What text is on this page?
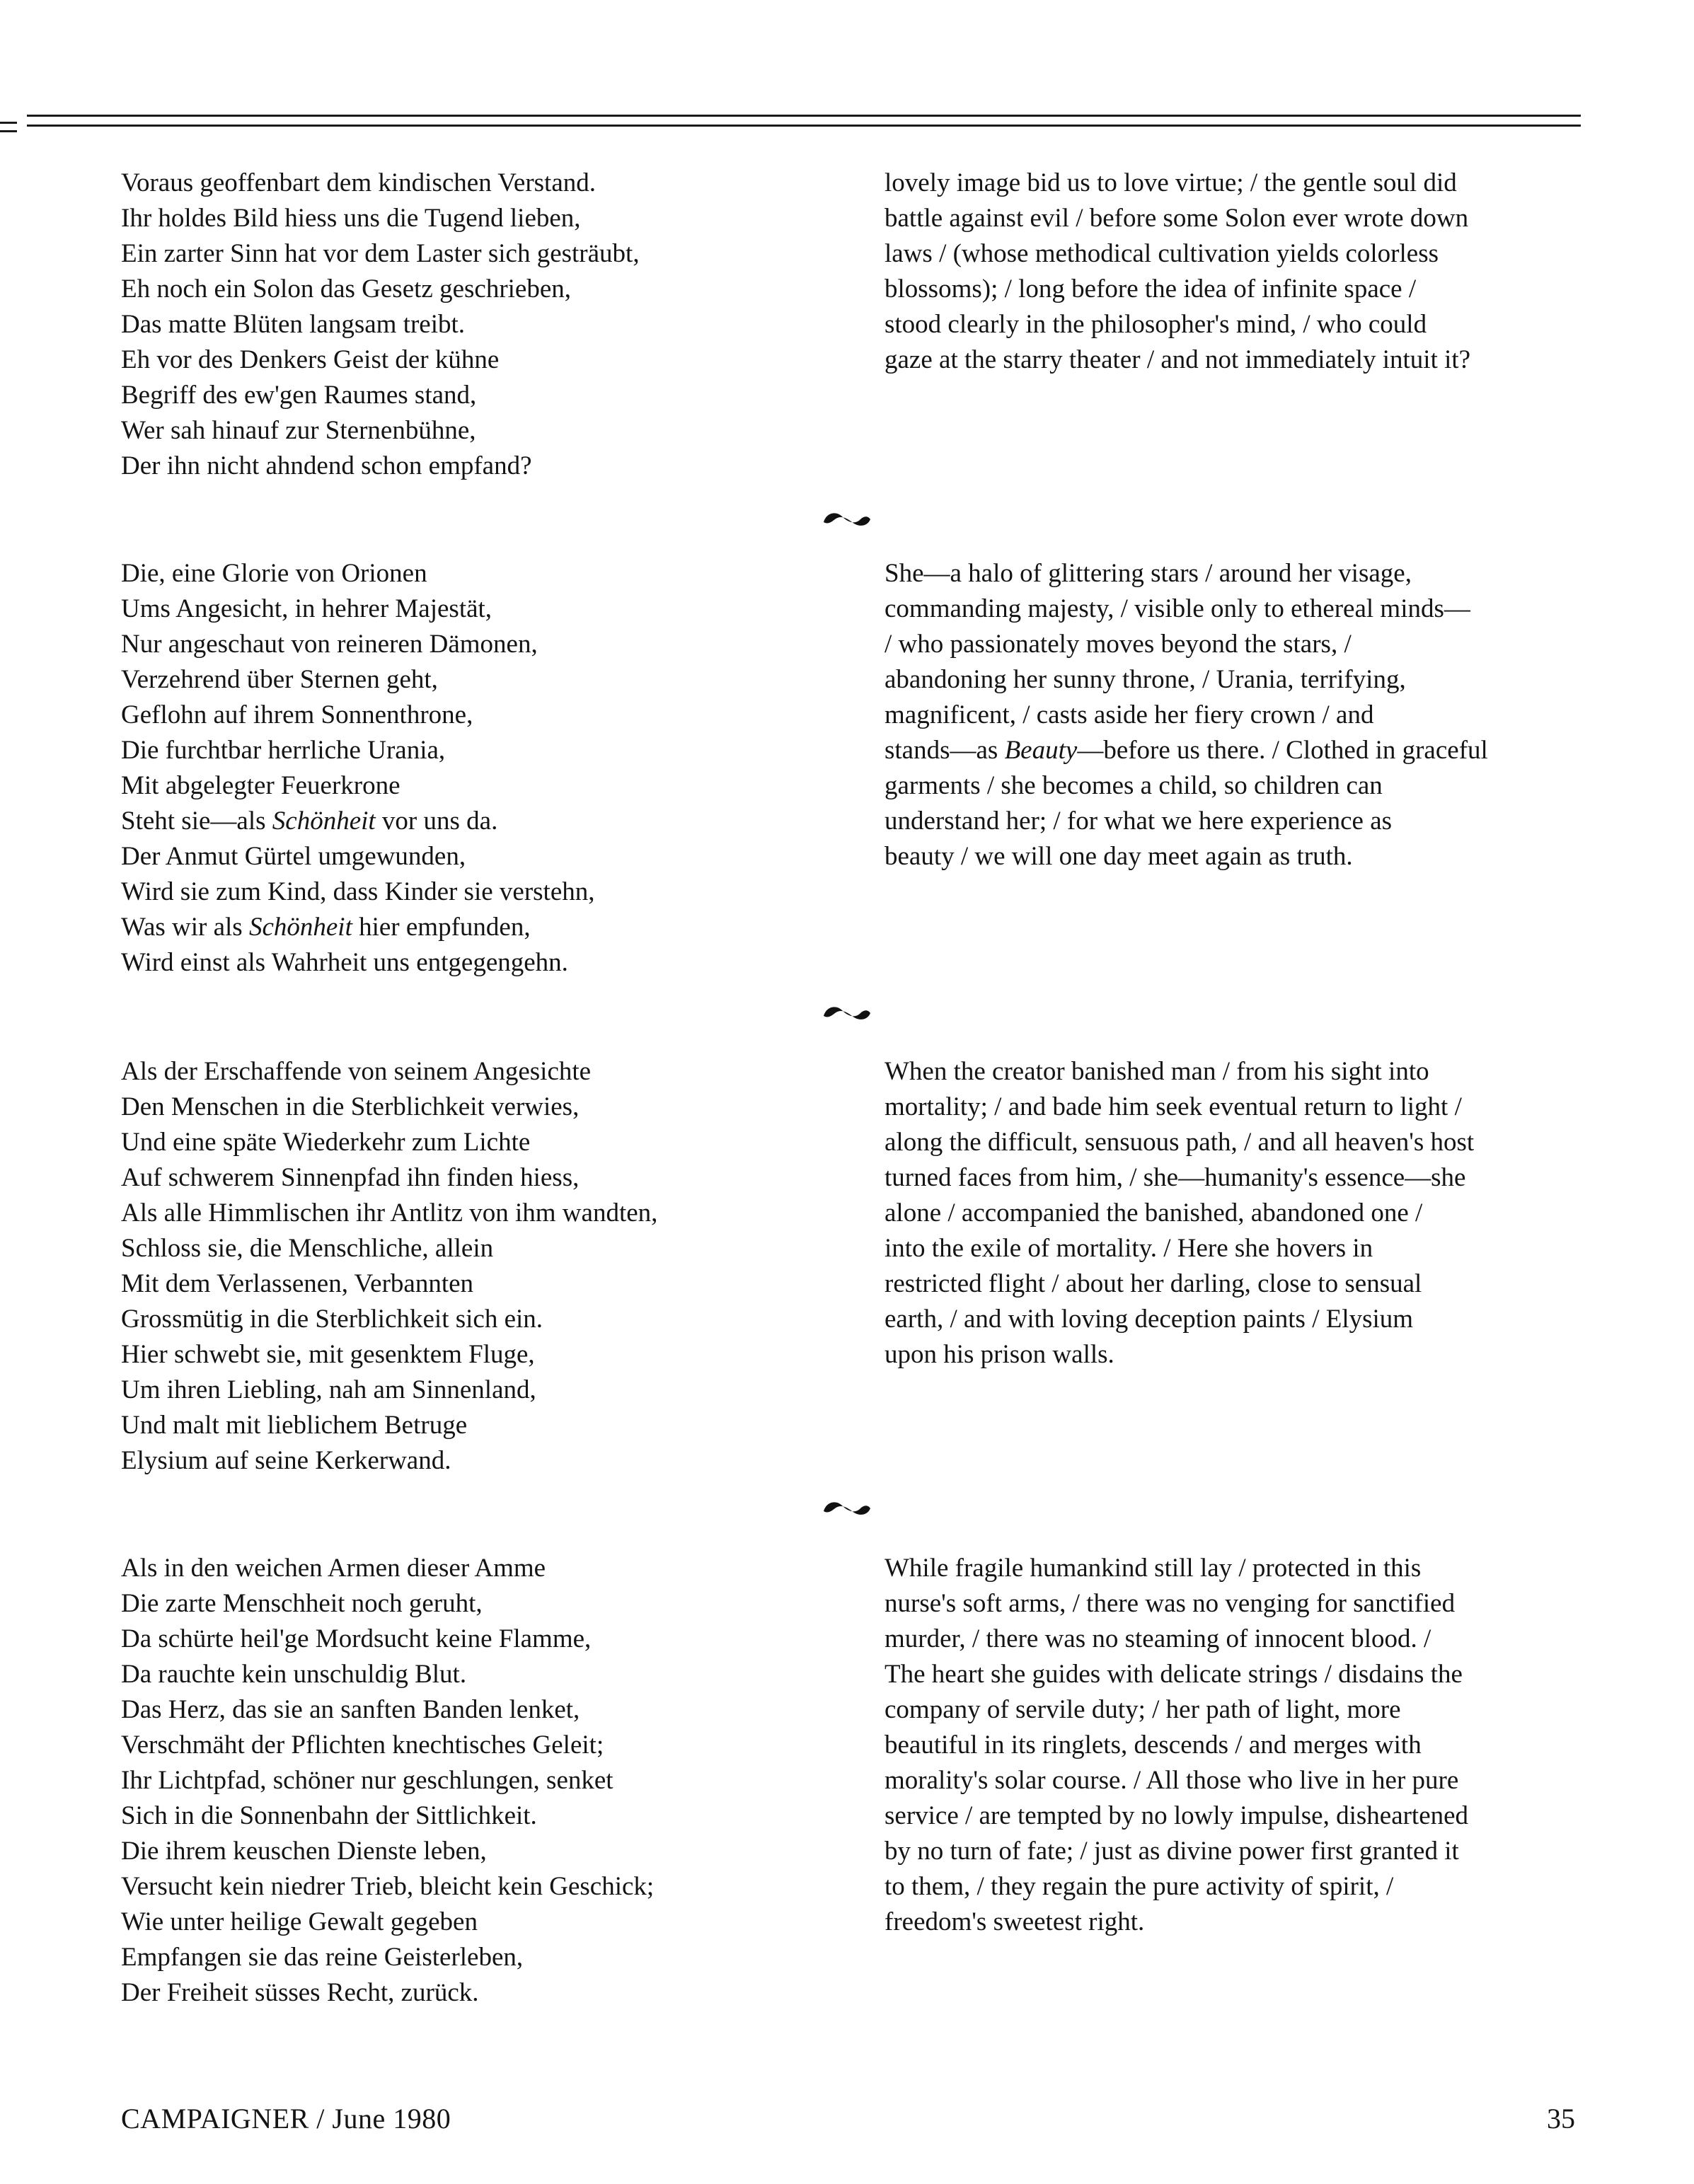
Voraus geoffenbart dem kindischen Verstand.
Ihr holdes Bild hiess uns die Tugend lieben,
Ein zarter Sinn hat vor dem Laster sich gesträubt,
Eh noch ein Solon das Gesetz geschrieben,
Das matte Blüten langsam treibt.
Eh vor des Denkers Geist der kühne
Begriff des ew'gen Raumes stand,
Wer sah hinauf zur Sternenbühne,
Der ihn nicht ahndend schon empfand?
lovely image bid us to love virtue; / the gentle soul did
battle against evil / before some Solon ever wrote down
laws / (whose methodical cultivation yields colorless
blossoms); / long before the idea of infinite space /
stood clearly in the philosopher's mind, / who could
gaze at the starry theater / and not immediately intuit it?
Die, eine Glorie von Orionen
Ums Angesicht, in hehrer Majestät,
Nur angeschaut von reineren Dämonen,
Verzehrend über Sternen geht,
Geflohn auf ihrem Sonnenthrone,
Die furchtbar herrliche Urania,
Mit abgelegter Feuerkrone
Steht sie—als Schönheit vor uns da.
Der Anmut Gürtel umgewunden,
Wird sie zum Kind, dass Kinder sie verstehn,
Was wir als Schönheit hier empfunden,
Wird einst als Wahrheit uns entgegengehn.
She—a halo of glittering stars / around her visage,
commanding majesty, / visible only to ethereal minds—
/ who passionately moves beyond the stars, /
abandoning her sunny throne, / Urania, terrifying,
magnificent, / casts aside her fiery crown / and
stands—as Beauty—before us there. / Clothed in graceful
garments / she becomes a child, so children can
understand her; / for what we here experience as
beauty / we will one day meet again as truth.
Als der Erschaffende von seinem Angesichte
Den Menschen in die Sterblichkeit verwies,
Und eine späte Wiederkehr zum Lichte
Auf schwerem Sinnenpfad ihn finden hiess,
Als alle Himmlischen ihr Antlitz von ihm wandten,
Schloss sie, die Menschliche, allein
Mit dem Verlassenen, Verbannten
Grossmütig in die Sterblichkeit sich ein.
Hier schwebt sie, mit gesenktem Fluge,
Um ihren Liebling, nah am Sinnenland,
Und malt mit lieblichem Betruge
Elysium auf seine Kerkerwand.
When the creator banished man / from his sight into
mortality; / and bade him seek eventual return to light /
along the difficult, sensuous path, / and all heaven's host
turned faces from him, / she—humanity's essence—she
alone / accompanied the banished, abandoned one /
into the exile of mortality. / Here she hovers in
restricted flight / about her darling, close to sensual
earth, / and with loving deception paints / Elysium
upon his prison walls.
Als in den weichen Armen dieser Amme
Die zarte Menschheit noch geruht,
Da schürte heil'ge Mordsucht keine Flamme,
Da rauchte kein unschuldig Blut.
Das Herz, das sie an sanften Banden lenket,
Verschmäht der Pflichten knechtisches Geleit;
Ihr Lichtpfad, schöner nur geschlungen, senket
Sich in die Sonnenbahn der Sittlichkeit.
Die ihrem keuschen Dienste leben,
Versucht kein niedrer Trieb, bleicht kein Geschick;
Wie unter heilige Gewalt gegeben
Empfangen sie das reine Geisterleben,
Der Freiheit süsses Recht, zurück.
While fragile humankind still lay / protected in this
nurse's soft arms, / there was no venging for sanctified
murder, / there was no steaming of innocent blood. /
The heart she guides with delicate strings / disdains the
company of servile duty; / her path of light, more
beautiful in its ringlets, descends / and merges with
morality's solar course. / All those who live in her pure
service / are tempted by no lowly impulse, disheartened
by no turn of fate; / just as divine power first granted it
to them, / they regain the pure activity of spirit, /
freedom's sweetest right.
CAMPAIGNER / June 1980	35
